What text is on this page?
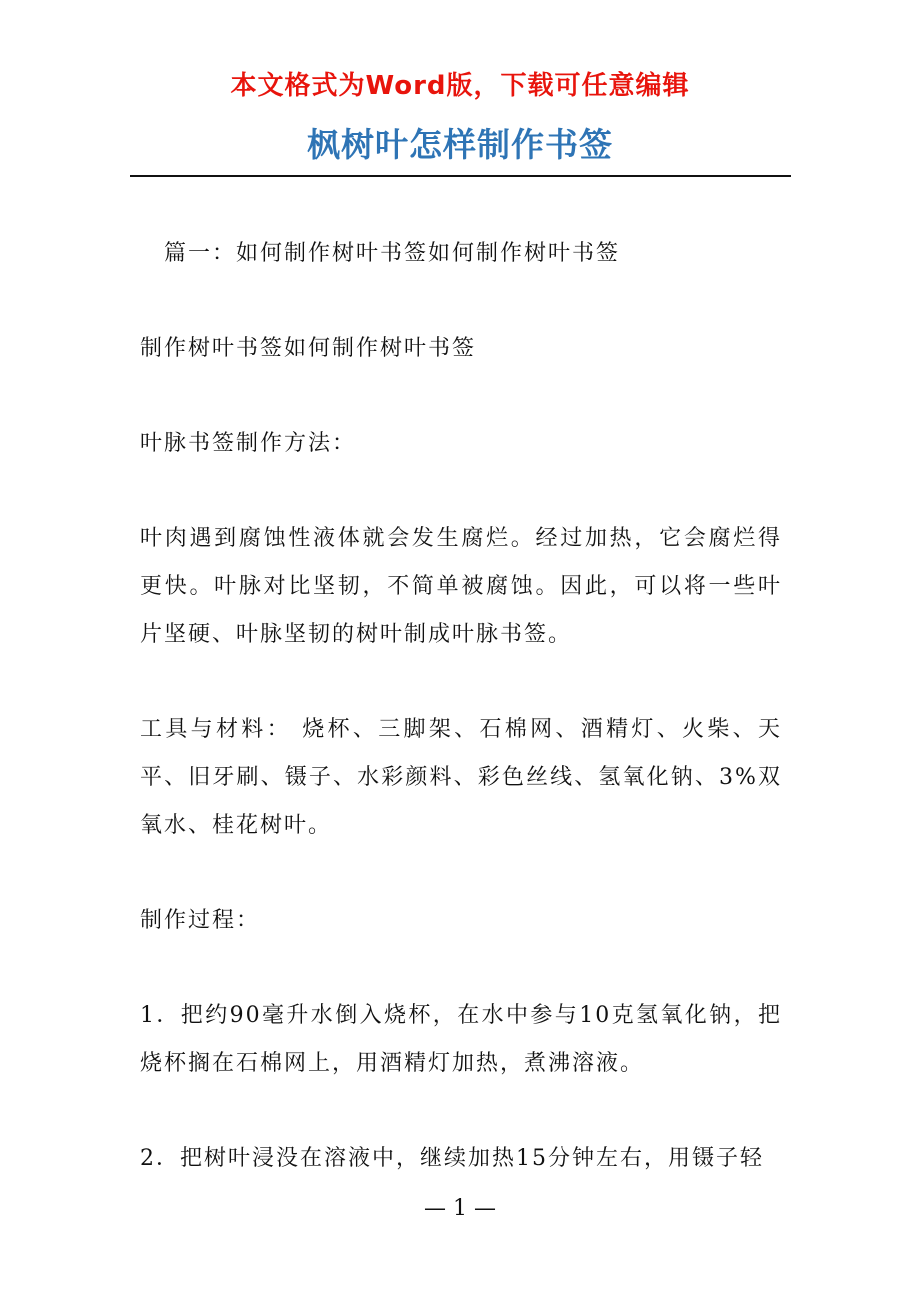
本文格式为Word版，下载可任意编辑
枫树叶怎样制作书签

篇一：如何制作树叶书签如何制作树叶书签

制作树叶书签如何制作树叶书签

叶脉书签制作方法：

叶肉遇到腐蚀性液体就会发生腐烂。经过加热，它会腐烂得更快。叶脉对比坚韧，不简单被腐蚀。因此，可以将一些叶片坚硬、叶脉坚韧的树叶制成叶脉书签。

工具与材料： 烧杯、三脚架、石棉网、酒精灯、火柴、天平、旧牙刷、镊子、水彩颜料、彩色丝线、氢氧化钠、3%双氧水、桂花树叶。

制作过程：

1．把约90毫升水倒入烧杯，在水中参与10克氢氧化钠，把烧杯搁在石棉网上，用酒精灯加热，煮沸溶液。

2．把树叶浸没在溶液中，继续加热15分钟左右，用镊子轻

— 1 —
